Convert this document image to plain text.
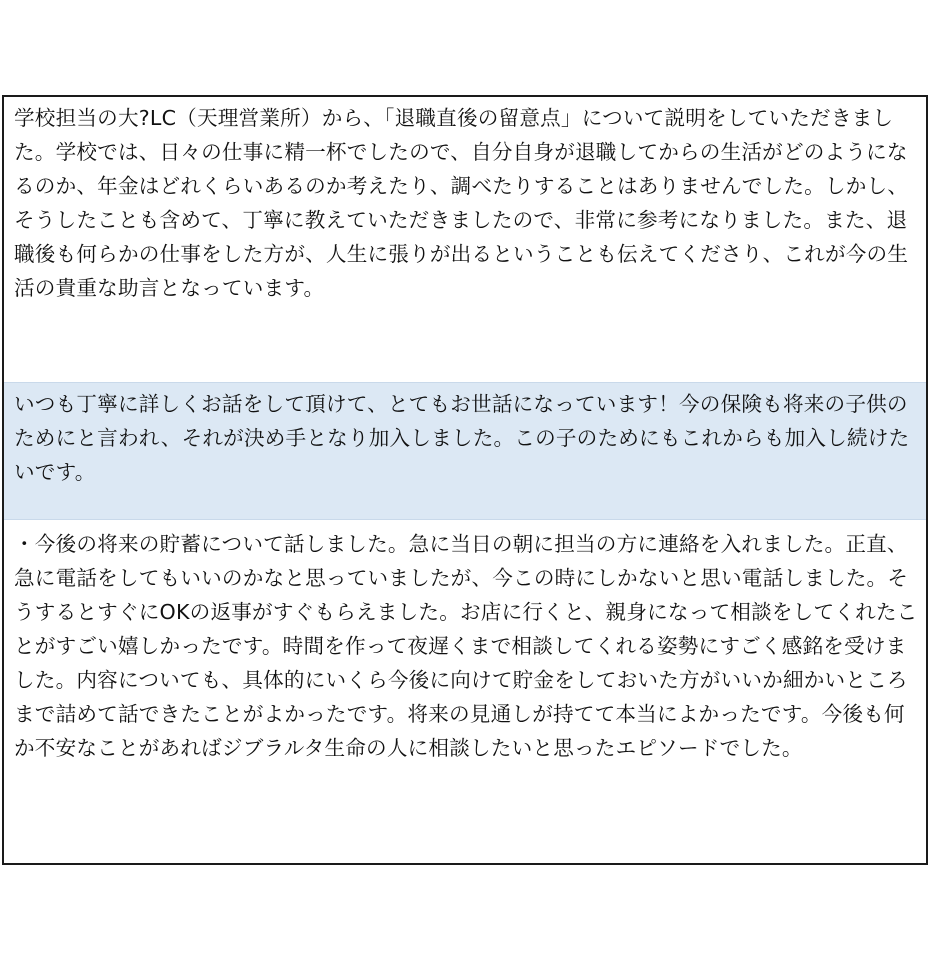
学校担当の大?LC（天理営業所）から、「退職直後の留意点」について説明をしていただきました。学校では、日々の仕事に精一杯でしたので、自分自身が退職してからの生活がどのようになるのか、年金はどれくらいあるのか考えたり、調べたりすることはありませんでした。しかし、そうしたことも含めて、丁寧に教えていただきましたので、非常に参考になりました。また、退職後も何らかの仕事をした方が、人生に張りが出るということも伝えてくださり、これが今の生活の貴重な助言となっています。

いつも丁寧に詳しくお話をして頂けて、とてもお世話になっています！今の保険も将来の子供のためにと言われ、それが決め手となり加入しました。この子のためにもこれからも加入し続けたいです。

・今後の将来の貯蓄について話しました。急に当日の朝に担当の方に連絡を入れました。正直、急に電話をしてもいいのかなと思っていましたが、今この時にしかないと思い電話しました。そうするとすぐにOKの返事がすぐもらえました。お店に行くと、親身になって相談をしてくれたことがすごい嬉しかったです。時間を作って夜遅くまで相談してくれる姿勢にすごく感銘を受けました。内容についても、具体的にいくら今後に向けて貯金をしておいた方がいいか細かいところまで詰めて話できたことがよかったです。将来の見通しが持てて本当によかったです。今後も何か不安なことがあればジブラルタ生命の人に相談したいと思ったエピソードでした。
